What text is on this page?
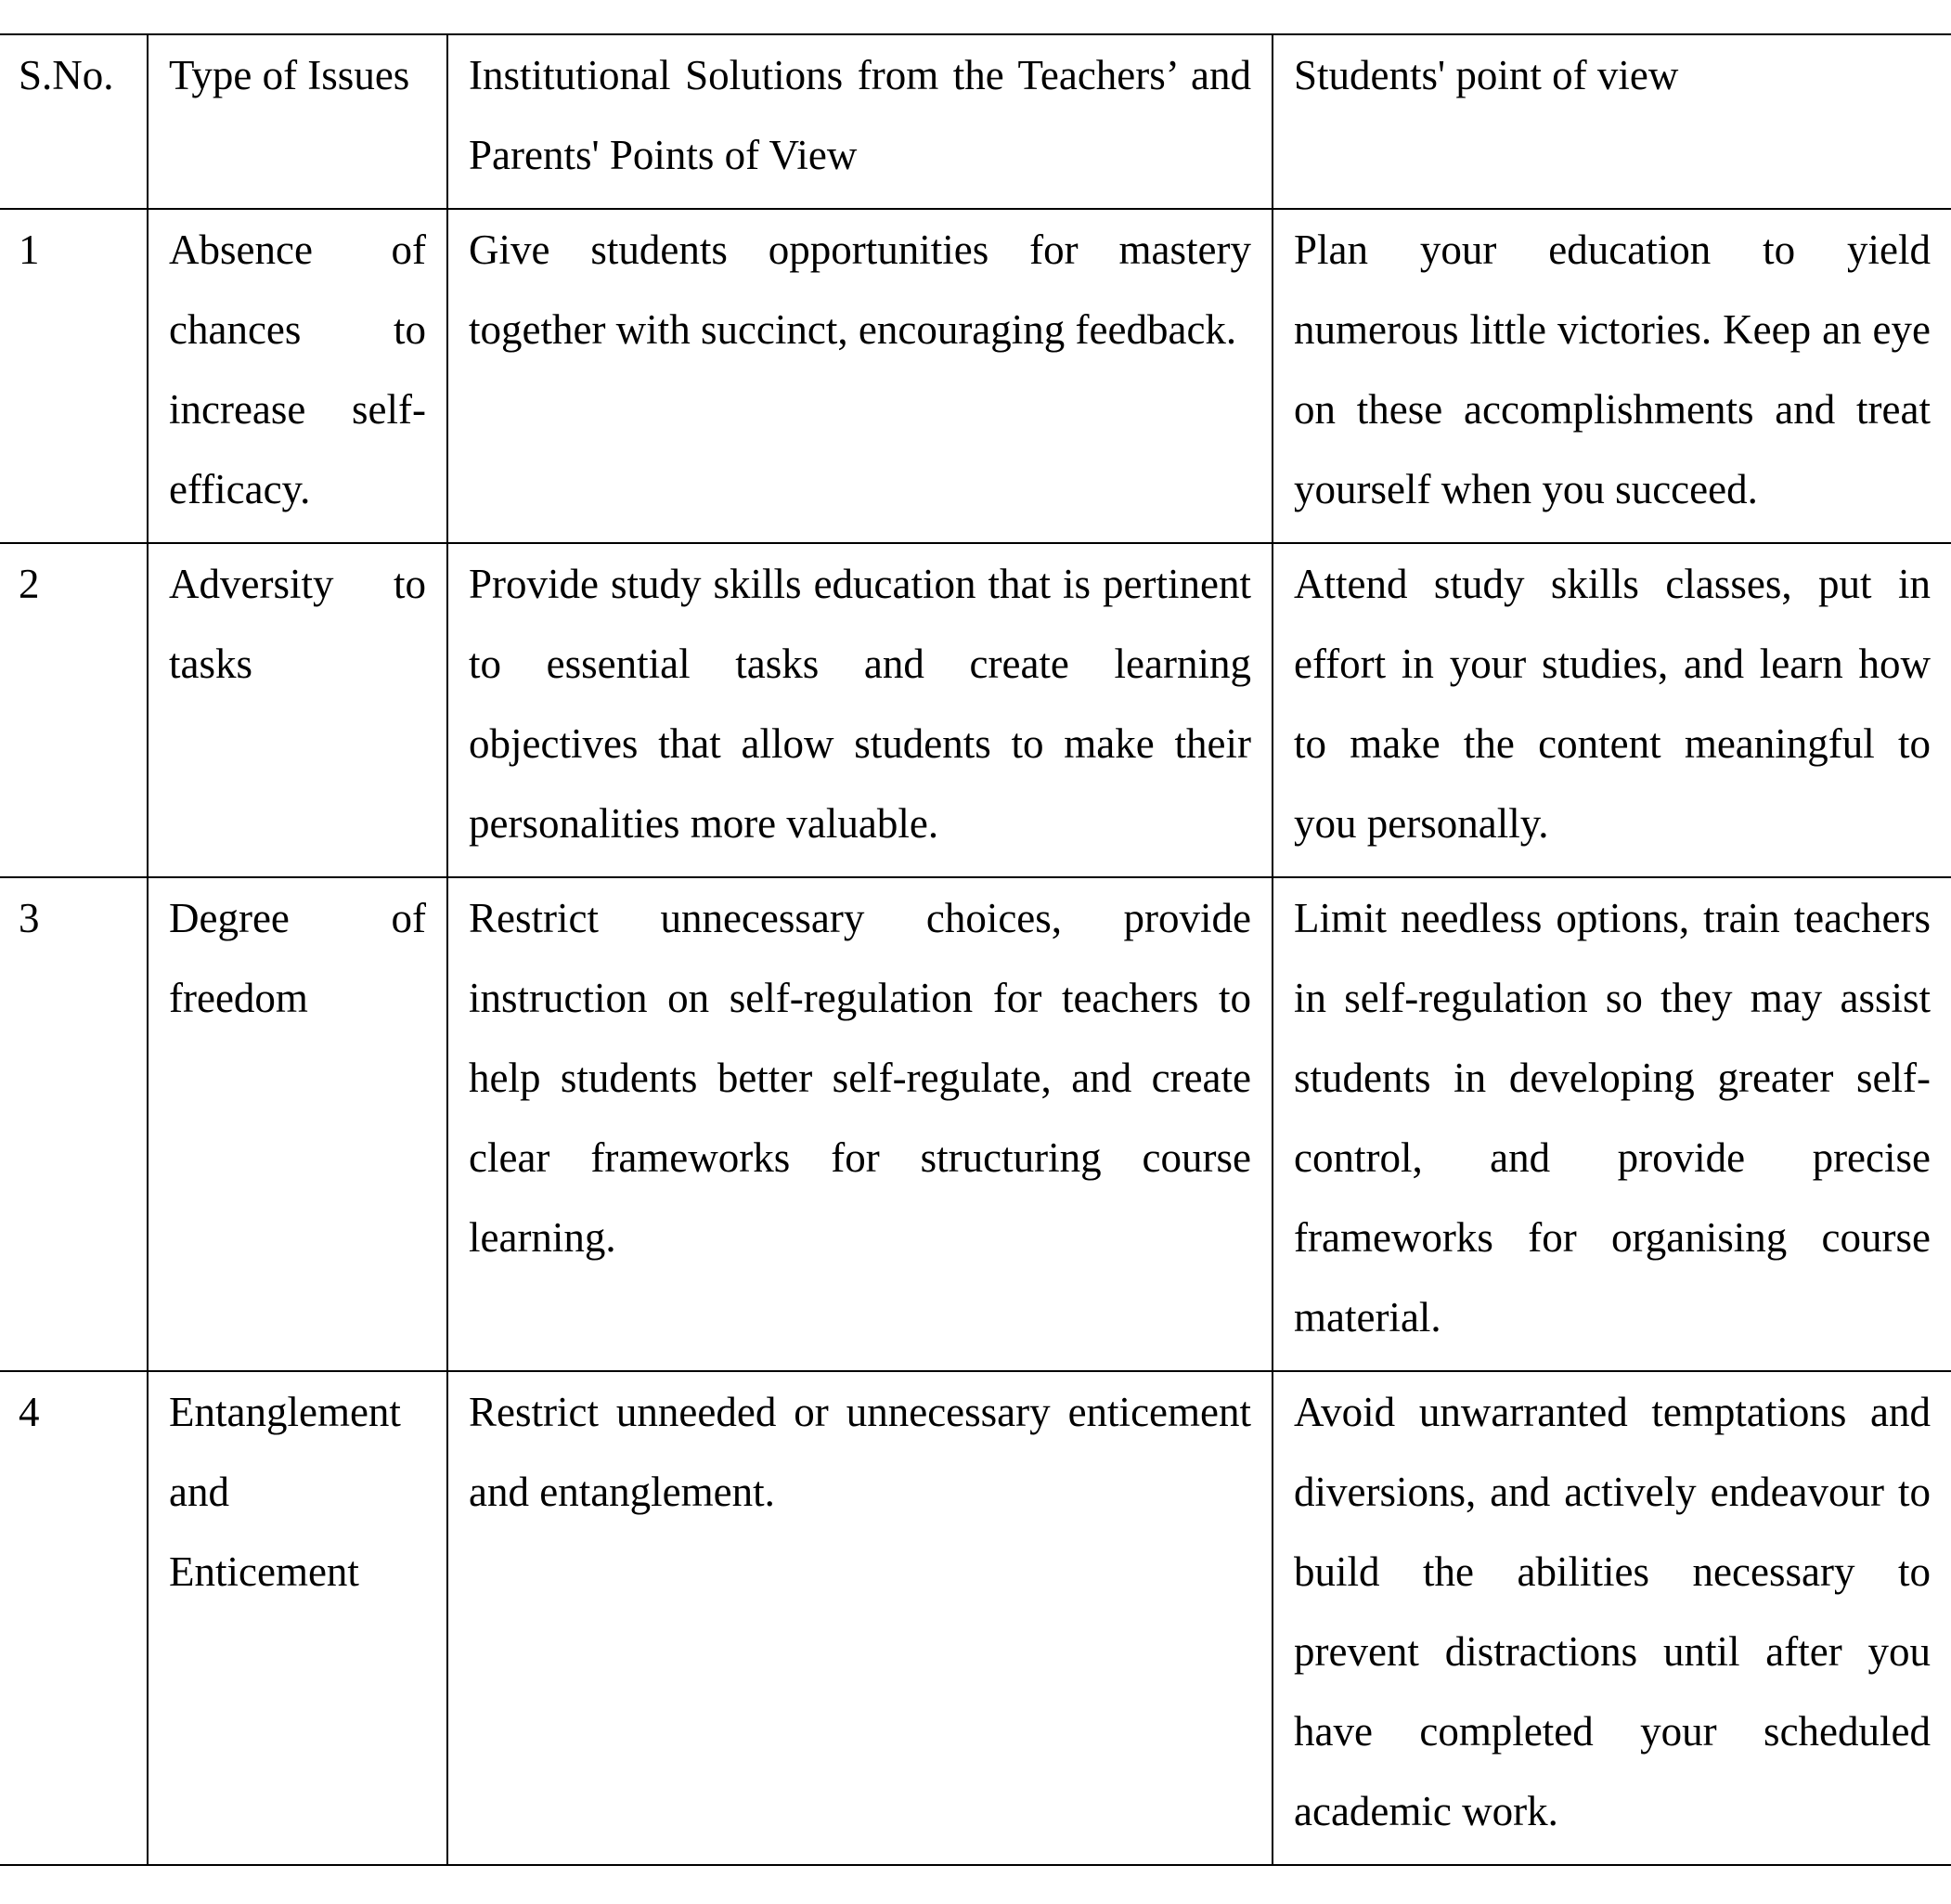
S.No.	Type of Issues	Institutional Solutions from the Teachers’ and Parents' Points of View	Students' point of view

1	Absence of chances to increase self-efficacy.	Give students opportunities for mastery together with succinct, encouraging feedback.	Plan your education to yield numerous little victories. Keep an eye on these accomplishments and treat yourself when you succeed.

2	Adversity to tasks	Provide study skills education that is pertinent to essential tasks and create learning objectives that allow students to make their personalities more valuable.	Attend study skills classes, put in effort in your studies, and learn how to make the content meaningful to you personally.

3	Degree of freedom	Restrict unnecessary choices, provide instruction on self-regulation for teachers to help students better self-regulate, and create clear frameworks for structuring course learning.	Limit needless options, train teachers in self-regulation so they may assist students in developing greater self-control, and provide precise frameworks for organising course material.

4	Entanglement and Enticement	Restrict unneeded or unnecessary enticement and entanglement.	Avoid unwarranted temptations and diversions, and actively endeavour to build the abilities necessary to prevent distractions until after you have completed your scheduled academic work.
